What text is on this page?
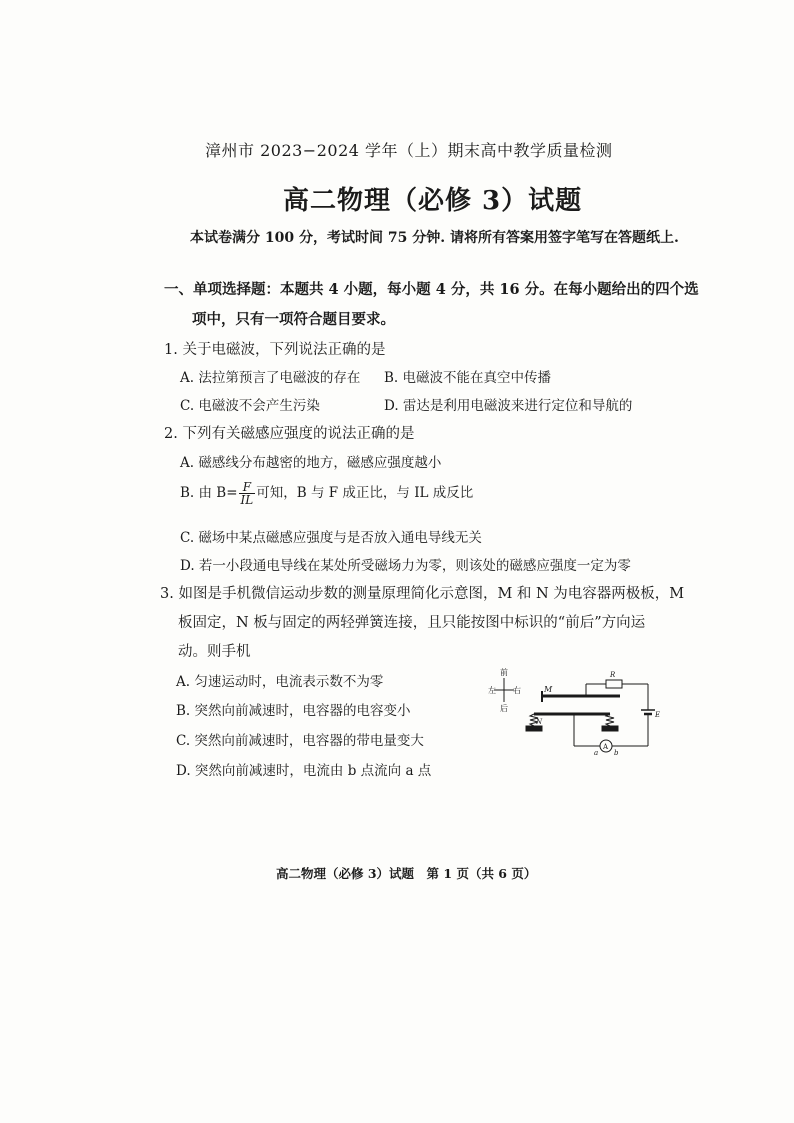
漳州市 2023−2024 学年（上）期末高中教学质量检测
高二物理（必修 3）试题
本试卷满分 100 分，考试时间 75 分钟. 请将所有答案用签字笔写在答题纸上.
一、单项选择题：本题共 4 小题，每小题 4 分，共 16 分。在每小题给出的四个选
项中，只有一项符合题目要求。
1. 关于电磁波，下列说法正确的是
A. 法拉第预言了电磁波的存在 B. 电磁波不能在真空中传播
C. 电磁波不会产生污染	D. 雷达是利用电磁波来进行定位和导航的
2. 下列有关磁感应强度的说法正确的是
A. 磁感线分布越密的地方，磁感应强度越小
B. 由 $B= \frac{F}{IL}$ 可知，B 与 F 成正比，与 IL 成反比
C. 磁场中某点磁感应强度与是否放入通电导线无关
D. 若一小段通电导线在某处所受磁场力为零，则该处的磁感应强度一定为零
3. 如图是手机微信运动步数的测量原理简化示意图，M 和 N 为电容器两极板，M
板固定，N 板与固定的两轻弹簧连接，且只能按图中标识的“前后”方向运
动。则手机
A. 匀速运动时，电流表示数不为零
B. 突然向前减速时，电容器的电容变小
C. 突然向前减速时，电容器的带电量变大
D. 突然向前减速时，电流由 b 点流向 a 点
前
后
左 右	M
N
R
E
A
a b
高二物理（必修 3）试题　第 1 页（共 6 页）
